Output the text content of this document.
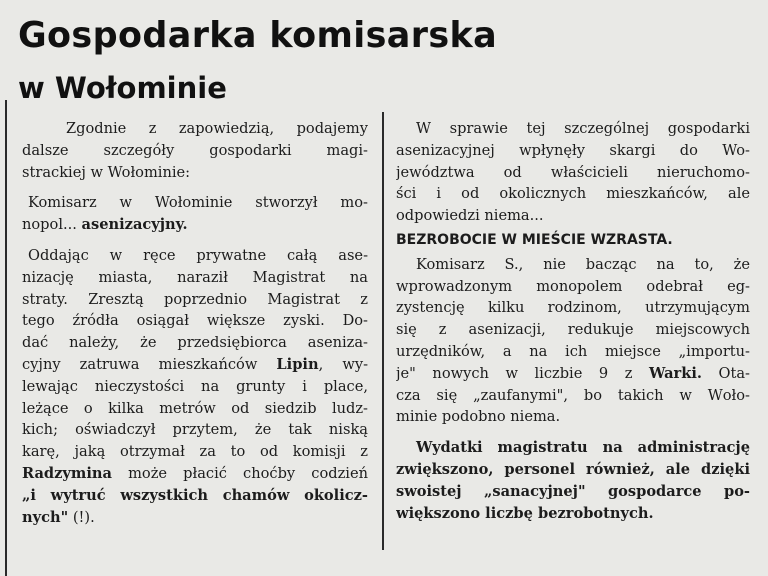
Gospodarka komisarska
w Wołominie
Zgodnie z zapowiedzią, podajemy
dalsze szczegóły gospodarki magi-
strackiej w Wołominie:
Komisarz w Wołominie stworzył mo-
nopol... asenizacyjny.
Oddając w ręce prywatne całą ase-
nizację miasta, naraził Magistrat na
straty. Zresztą poprzednio Magistrat z
tego źródła osiągał większe zyski. Do-
dać należy, że przedsiębiorca asenizа-
cyjny zatruwa mieszkańców Lipin, wy-
lewając nieczystości na grunty i place,
leżące o kilka metrów od siedzib ludz-
kich; oświadczył przytem, że tak niską
karę, jaką otrzymał za to od komisji z
Radzymina może płacić choćby codzień
„i wytruć wszystkich chamów okolicz-
nych" (!).
W sprawie tej szczególnej gospodarki
asenizacyjnej wpłynęły skargi do Wo-
jewództwa od właścicieli nieruchomo-
ści i od okolicznych mieszkańców, ale
odpowiedzi niema...
BEZROBOCIE W MIEŚCIE WZRASTA.
Komisarz S., nie bacząc na to, że
wprowadzonym monopolem odebrał eg-
zystencję kilku rodzinom, utrzymującym
się z asenizacji, redukuje miejscowych
urzędników, a na ich miejsce „importu-
je" nowych w liczbie 9 z Warki. Ota-
cza się „zaufanymi", bo takich w Wоło-
minie podobno niema.
Wydatki magistratu na administrację
zwiększono, personel również, ale dzięki
swoistej „sanacyjnej" gospodarce po-
większono liczbę bezrobotnych.
